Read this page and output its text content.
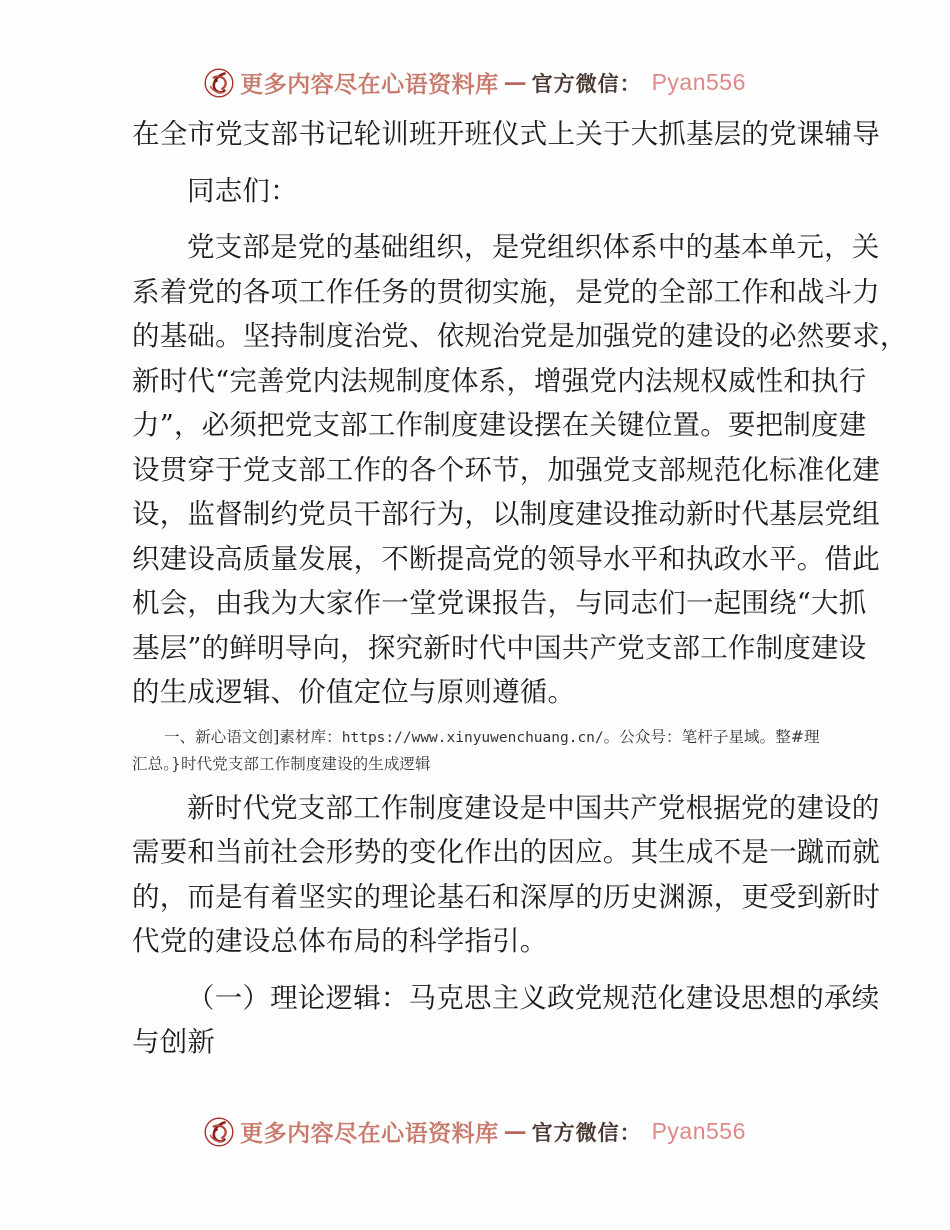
更多内容尽在心语资料库 — 官方微信： Pyan556
在全市党支部书记轮训班开班仪式上关于大抓基层的党课辅导
同志们：
党支部是党的基础组织，是党组织体系中的基本单元，关
系着党的各项工作任务的贯彻实施，是党的全部工作和战斗力
的基础。坚持制度治党、依规治党是加强党的建设的必然要求，
新时代“完善党内法规制度体系，增强党内法规权威性和执行
力”，必须把党支部工作制度建设摆在关键位置。要把制度建
设贯穿于党支部工作的各个环节，加强党支部规范化标准化建
设，监督制约党员干部行为，以制度建设推动新时代基层党组
织建设高质量发展，不断提高党的领导水平和执政水平。借此
机会，由我为大家作一堂党课报告，与同志们一起围绕“大抓
基层”的鲜明导向，探究新时代中国共产党支部工作制度建设
的生成逻辑、价值定位与原则遵循。
一、新心语文创]素材库：https://www.xinyuwenchuang.cn/。公众号：笔杆子星域。整#理汇总。}时代党支部工作制度建设的生成逻辑
新时代党支部工作制度建设是中国共产党根据党的建设的
需要和当前社会形势的变化作出的因应。其生成不是一蹴而就
的，而是有着坚实的理论基石和深厚的历史渊源，更受到新时
代党的建设总体布局的科学指引。
（一）理论逻辑：马克思主义政党规范化建设思想的承续
与创新
更多内容尽在心语资料库 — 官方微信： Pyan556
